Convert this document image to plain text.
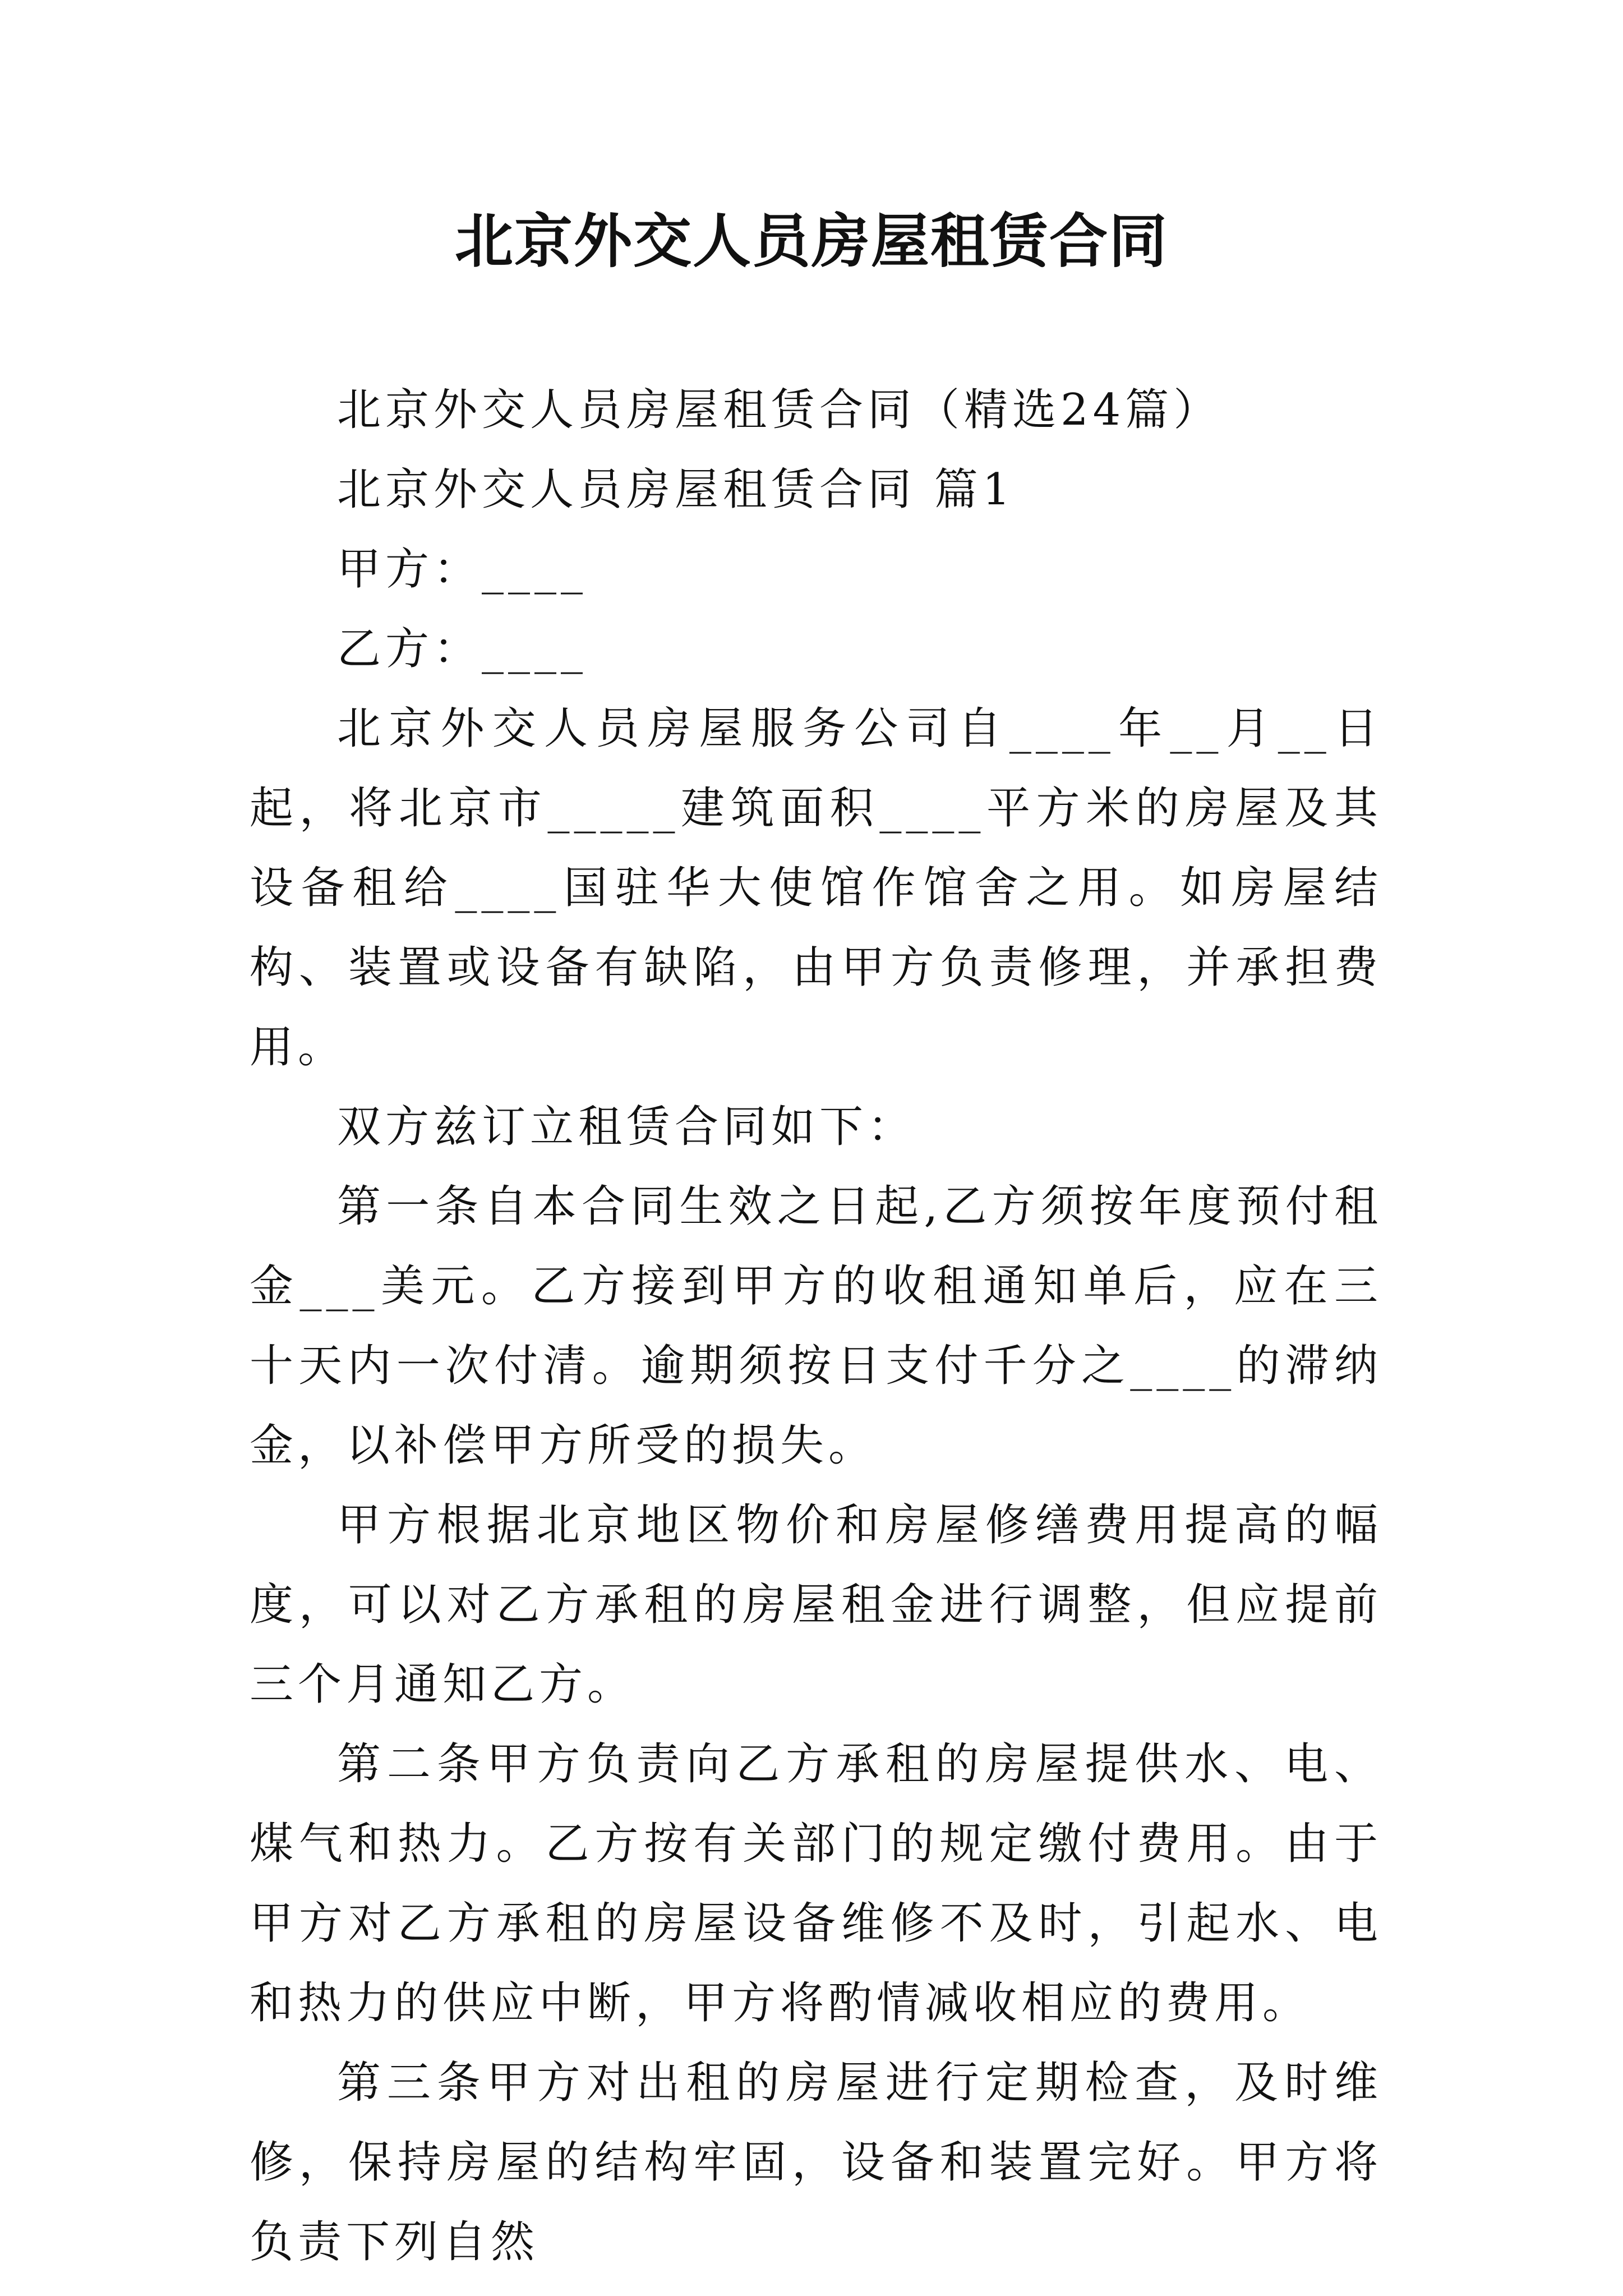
北京外交人员房屋租赁合同

北京外交人员房屋租赁合同（精选24篇）

北京外交人员房屋租赁合同 篇1

甲方：____

乙方：____

北京外交人员房屋服务公司自____年__月__日起，将北京市_____建筑面积____平方米的房屋及其设备租给____国驻华大使馆作馆舍之用。如房屋结构、装置或设备有缺陷，由甲方负责修理，并承担费用。

双方兹订立租赁合同如下：

第一条自本合同生效之日起,乙方须按年度预付租金___美元。乙方接到甲方的收租通知单后，应在三十天内一次付清。逾期须按日支付千分之____的滞纳金，以补偿甲方所受的损失。

甲方根据北京地区物价和房屋修缮费用提高的幅度，可以对乙方承租的房屋租金进行调整，但应提前三个月通知乙方。

第二条甲方负责向乙方承租的房屋提供水、电、煤气和热力。乙方按有关部门的规定缴付费用。由于甲方对乙方承租的房屋设备维修不及时，引起水、电和热力的供应中断，甲方将酌情减收相应的费用。

第三条甲方对出租的房屋进行定期检查，及时维修，保持房屋的结构牢固，设备和装置完好。甲方将负责下列自然
